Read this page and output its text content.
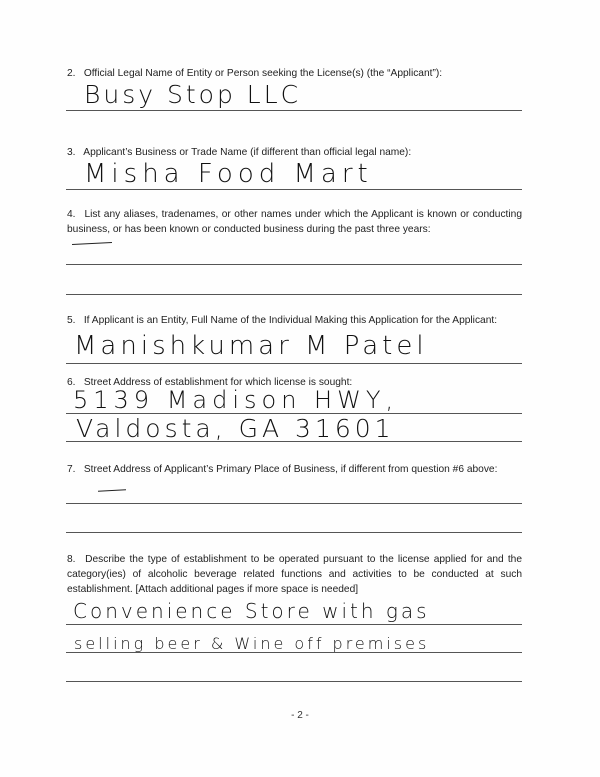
2. Official Legal Name of Entity or Person seeking the License(s) (the “Applicant”):
Busy Stop LLC
3. Applicant’s Business or Trade Name (if different than official legal name):
Misha Food Mart
4. List any aliases, tradenames, or other names under which the Applicant is known or conducting business, or has been known or conducted business during the past three years:
5. If Applicant is an Entity, Full Name of the Individual Making this Application for the Applicant:
Manishkumar M Patel
6. Street Address of establishment for which license is sought:
5139 Madison HWY,
Valdosta, GA 31601
7. Street Address of Applicant’s Primary Place of Business, if different from question #6 above:
8. Describe the type of establishment to be operated pursuant to the license applied for and the category(ies) of alcoholic beverage related functions and activities to be conducted at such establishment. [Attach additional pages if more space is needed]
Convenience Store with gas
selling beer & Wine off premises
- 2 -
